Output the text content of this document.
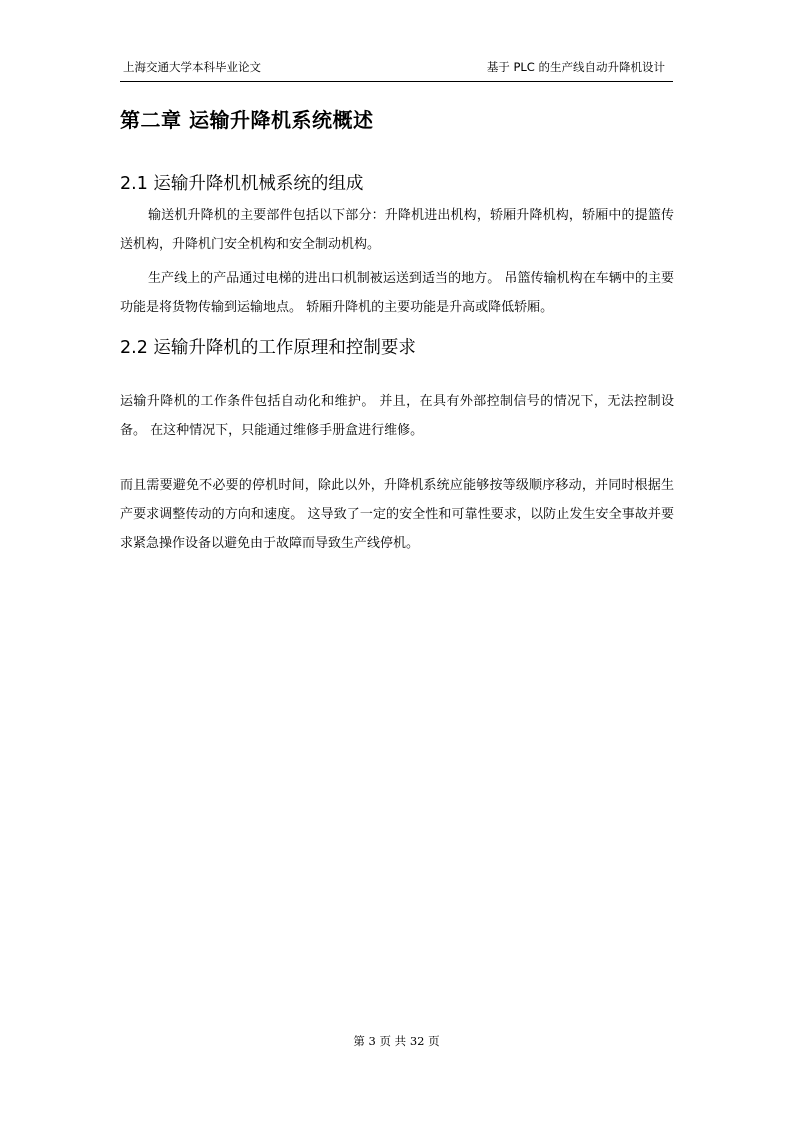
上海交通大学本科毕业论文	基于 PLC 的生产线自动升降机设计
第二章 运输升降机系统概述
2.1 运输升降机机械系统的组成

输送机升降机的主要部件包括以下部分：升降机进出机构，轿厢升降机构，轿厢中的提篮传送机构，升降机门安全机构和安全制动机构。

生产线上的产品通过电梯的进出口机制被运送到适当的地方。 吊篮传输机构在车辆中的主要功能是将货物传输到运输地点。 轿厢升降机的主要功能是升高或降低轿厢。

2.2 运输升降机的工作原理和控制要求

运输升降机的工作条件包括自动化和维护。 并且，在具有外部控制信号的情况下，无法控制设备。 在这种情况下，只能通过维修手册盒进行维修。

而且需要避免不必要的停机时间，除此以外，升降机系统应能够按等级顺序移动，并同时根据生产要求调整传动的方向和速度。 这导致了一定的安全性和可靠性要求，以防止发生安全事故并要求紧急操作设备以避免由于故障而导致生产线停机。

第 3 页 共 32 页
